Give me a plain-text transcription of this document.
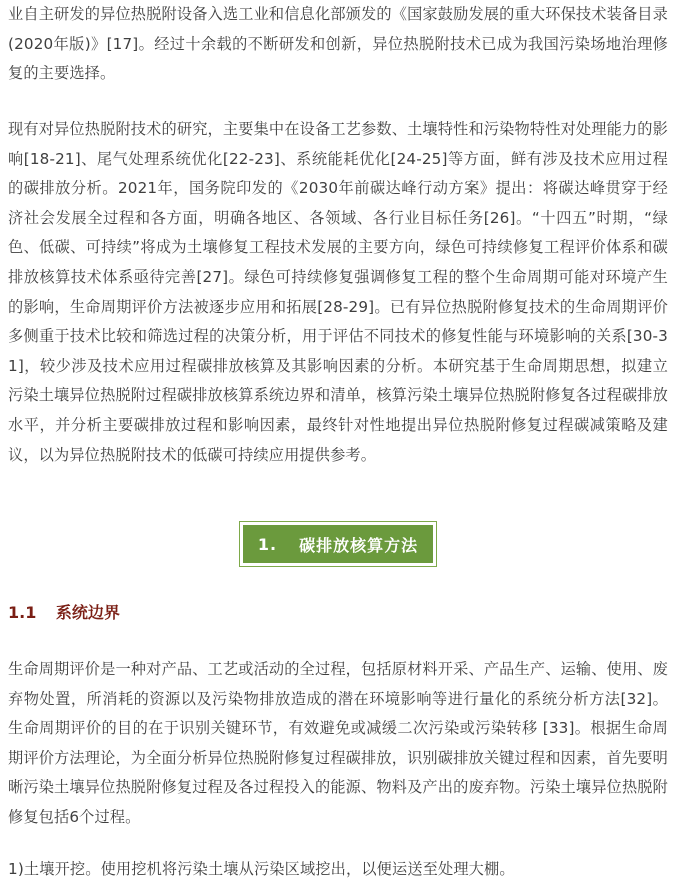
业自主研发的异位热脱附设备入选工业和信息化部颁发的《国家鼓励发展的重大环保技术装备目录(2020年版)》[17]。经过十余载的不断研发和创新，异位热脱附技术已成为我国污染场地治理修复的主要选择。

现有对异位热脱附技术的研究，主要集中在设备工艺参数、土壤特性和污染物特性对处理能力的影响[18-21]、尾气处理系统优化[22-23]、系统能耗优化[24-25]等方面，鲜有涉及技术应用过程的碳排放分析。2021年，国务院印发的《2030年前碳达峰行动方案》提出：将碳达峰贯穿于经济社会发展全过程和各方面，明确各地区、各领域、各行业目标任务[26]。“十四五”时期，“绿色、低碳、可持续”将成为土壤修复工程技术发展的主要方向，绿色可持续修复工程评价体系和碳排放核算技术体系亟待完善[27]。绿色可持续修复强调修复工程的整个生命周期可能对环境产生的影响，生命周期评价方法被逐步应用和拓展[28-29]。已有异位热脱附修复技术的生命周期评价多侧重于技术比较和筛选过程的决策分析，用于评估不同技术的修复性能与环境影响的关系[30-31]，较少涉及技术应用过程碳排放核算及其影响因素的分析。本研究基于生命周期思想，拟建立污染土壤异位热脱附过程碳排放核算系统边界和清单，核算污染土壤异位热脱附修复各过程碳排放水平，并分析主要碳排放过程和影响因素，最终针对性地提出异位热脱附修复过程碳减策略及建议，以为异位热脱附技术的低碳可持续应用提供参考。

1. 碳排放核算方法
1.1 系统边界

生命周期评价是一种对产品、工艺或活动的全过程，包括原材料开采、产品生产、运输、使用、废弃物处置，所消耗的资源以及污染物排放造成的潜在环境影响等进行量化的系统分析方法[32]。生命周期评价的目的在于识别关键环节，有效避免或减缓二次污染或污染转移 [33]。根据生命周期评价方法理论，为全面分析异位热脱附修复过程碳排放，识别碳排放关键过程和因素，首先要明晰污染土壤异位热脱附修复过程及各过程投入的能源、物料及产出的废弃物。污染土壤异位热脱附修复包括6个过程。

1)土壤开挖。使用挖机将污染土壤从污染区域挖出，以便运送至处理大棚。
